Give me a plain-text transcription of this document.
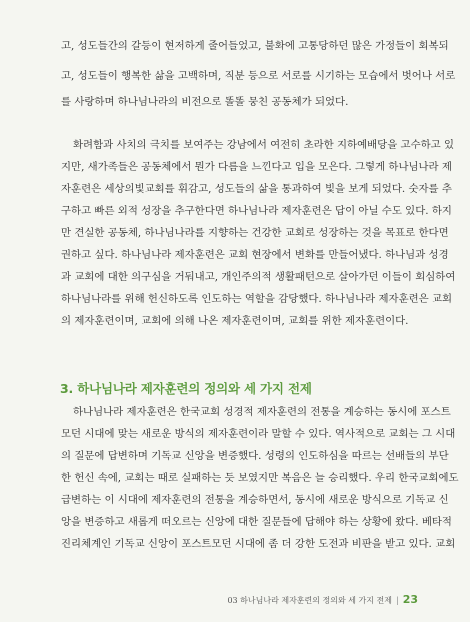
고, 성도들간의 갈등이 현저하게 줄어들었고, 불화에 고통당하던 많은 가정들이 회복되
고, 성도들이 행복한 삶을 고백하며, 직분 등으로 서로를 시기하는 모습에서 벗어나 서로
를 사랑하며 하나님나라의 비전으로 똘똘 뭉친 공동체가 되었다.
화려함과 사치의 극치를 보여주는 강남에서 여전히 초라한 지하예배당을 고수하고 있
지만, 새가족들은 공동체에서 뭔가 다름을 느낀다고 입을 모은다. 그렇게 하나님나라 제
자훈련은 세상의빛교회를 휘감고, 성도들의 삶을 통과하여 빛을 보게 되었다. 숫자를 추
구하고 빠른 외적 성장을 추구한다면 하나님나라 제자훈련은 답이 아닐 수도 있다. 하지
만 견실한 공동체, 하나님나라를 지향하는 건강한 교회로 성장하는 것을 목표로 한다면
권하고 싶다. 하나님나라 제자훈련은 교회 현장에서 변화를 만들어냈다. 하나님과 성경
과 교회에 대한 의구심을 거둬내고, 개인주의적 생활패턴으로 살아가던 이들이 회심하여
하나님나라를 위해 헌신하도록 인도하는 역할을 감당했다. 하나님나라 제자훈련은 교회
의 제자훈련이며, 교회에 의해 나온 제자훈련이며, 교회를 위한 제자훈련이다.
3. 하나님나라 제자훈련의 정의와 세 가지 전제
하나님나라 제자훈련은 한국교회 성경적 제자훈련의 전통을 계승하는 동시에 포스트
모던 시대에 맞는 새로운 방식의 제자훈련이라 말할 수 있다. 역사적으로 교회는 그 시대
의 질문에 답변하며 기독교 신앙을 변증했다. 성령의 인도하심을 따르는 선배들의 부단
한 헌신 속에, 교회는 때로 실패하는 듯 보였지만 복음은 늘 승리했다. 우리 한국교회에도
급변하는 이 시대에 제자훈련의 전통을 계승하면서, 동시에 새로운 방식으로 기독교 신
앙을 변증하고 새롭게 떠오르는 신앙에 대한 질문들에 답해야 하는 상황에 왔다. 베타적
진리체계인 기독교 신앙이 포스트모던 시대에 좀 더 강한 도전과 비판을 받고 있다. 교회
03 하나님나라 제자훈련의 정의와 세 가지 전제 | 23
